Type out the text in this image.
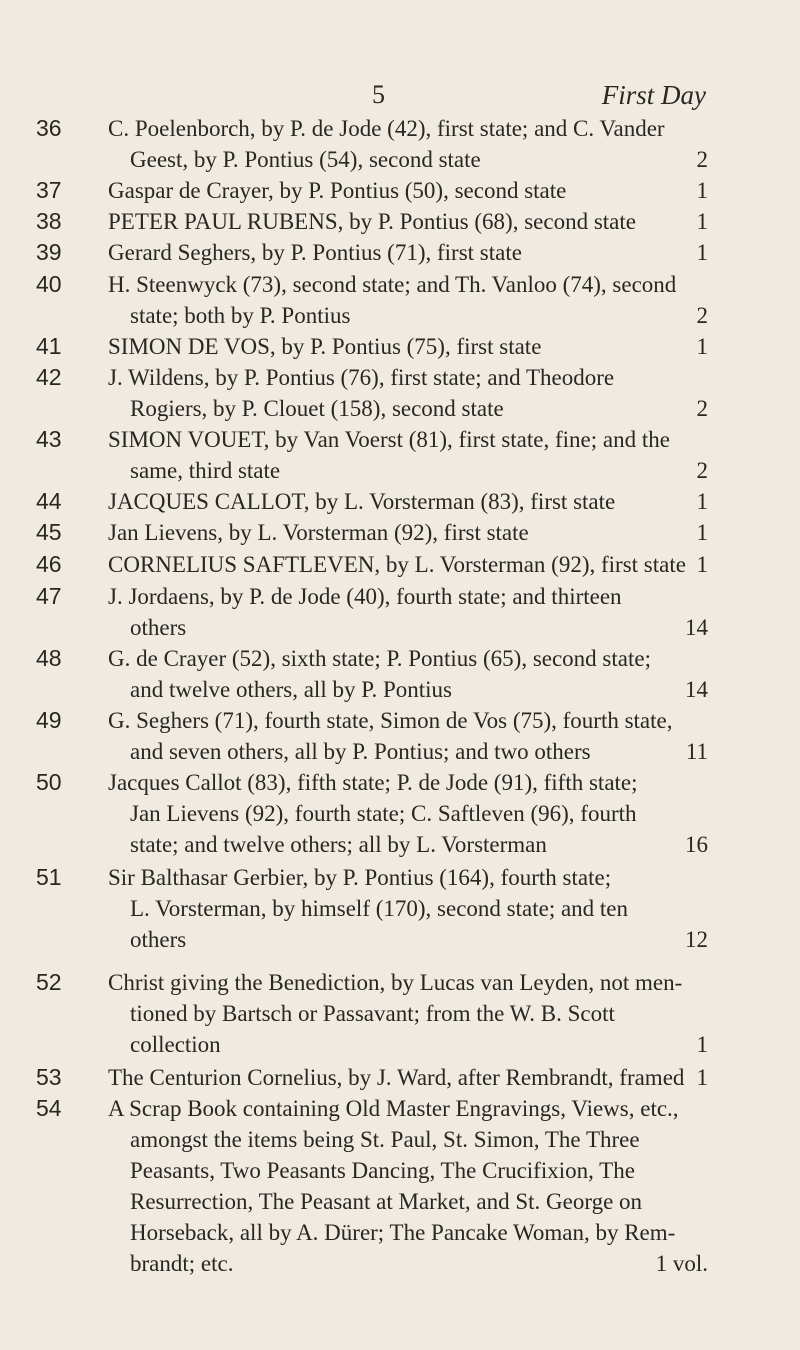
5	First Day
36	C. Poelenborch, by P. de Jode (42), first state; and C. Vander
Geest, by P. Pontius (54), second state	2
37	Gaspar de Crayer, by P. Pontius (50), second state	1
38	PETER PAUL RUBENS, by P. Pontius (68), second state	1
39	Gerard Seghers, by P. Pontius (71), first state	1
40	H. Steenwyck (73), second state; and Th. Vanloo (74), second
state; both by P. Pontius	2
41	SIMON DE VOS, by P. Pontius (75), first state	1
42	J. Wildens, by P. Pontius (76), first state; and Theodore
Rogiers, by P. Clouet (158), second state	2
43	SIMON VOUET, by Van Voerst (81), first state, fine; and the
same, third state	2
44	JACQUES CALLOT, by L. Vorsterman (83), first state	1
45	Jan Lievens, by L. Vorsterman (92), first state	1
46	CORNELIUS SAFTLEVEN, by L. Vorsterman (92), first state 1
47	J. Jordaens, by P. de Jode (40), fourth state; and thirteen
others	14
48	G. de Crayer (52), sixth state; P. Pontius (65), second state;
and twelve others, all by P. Pontius	14
49	G. Seghers (71), fourth state, Simon de Vos (75), fourth state,
and seven others, all by P. Pontius; and two others	11
50	Jacques Callot (83), fifth state; P. de Jode (91), fifth state;
Jan Lievens (92), fourth state; C. Saftleven (96), fourth
state; and twelve others; all by L. Vorsterman	16
51	Sir Balthasar Gerbier, by P. Pontius (164), fourth state;
L. Vorsterman, by himself (170), second state; and ten
others	12
52	Christ giving the Benediction, by Lucas van Leyden, not men-
tioned by Bartsch or Passavant; from the W. B. Scott
collection	1
53	The Centurion Cornelius, by J. Ward, after Rembrandt, framed 1
54	A Scrap Book containing Old Master Engravings, Views, etc.,
amongst the items being St. Paul, St. Simon, The Three
Peasants, Two Peasants Dancing, The Crucifixion, The
Resurrection, The Peasant at Market, and St. George on
Horseback, all by A. Dürer; The Pancake Woman, by Rem-
brandt; etc.	1 vol.
